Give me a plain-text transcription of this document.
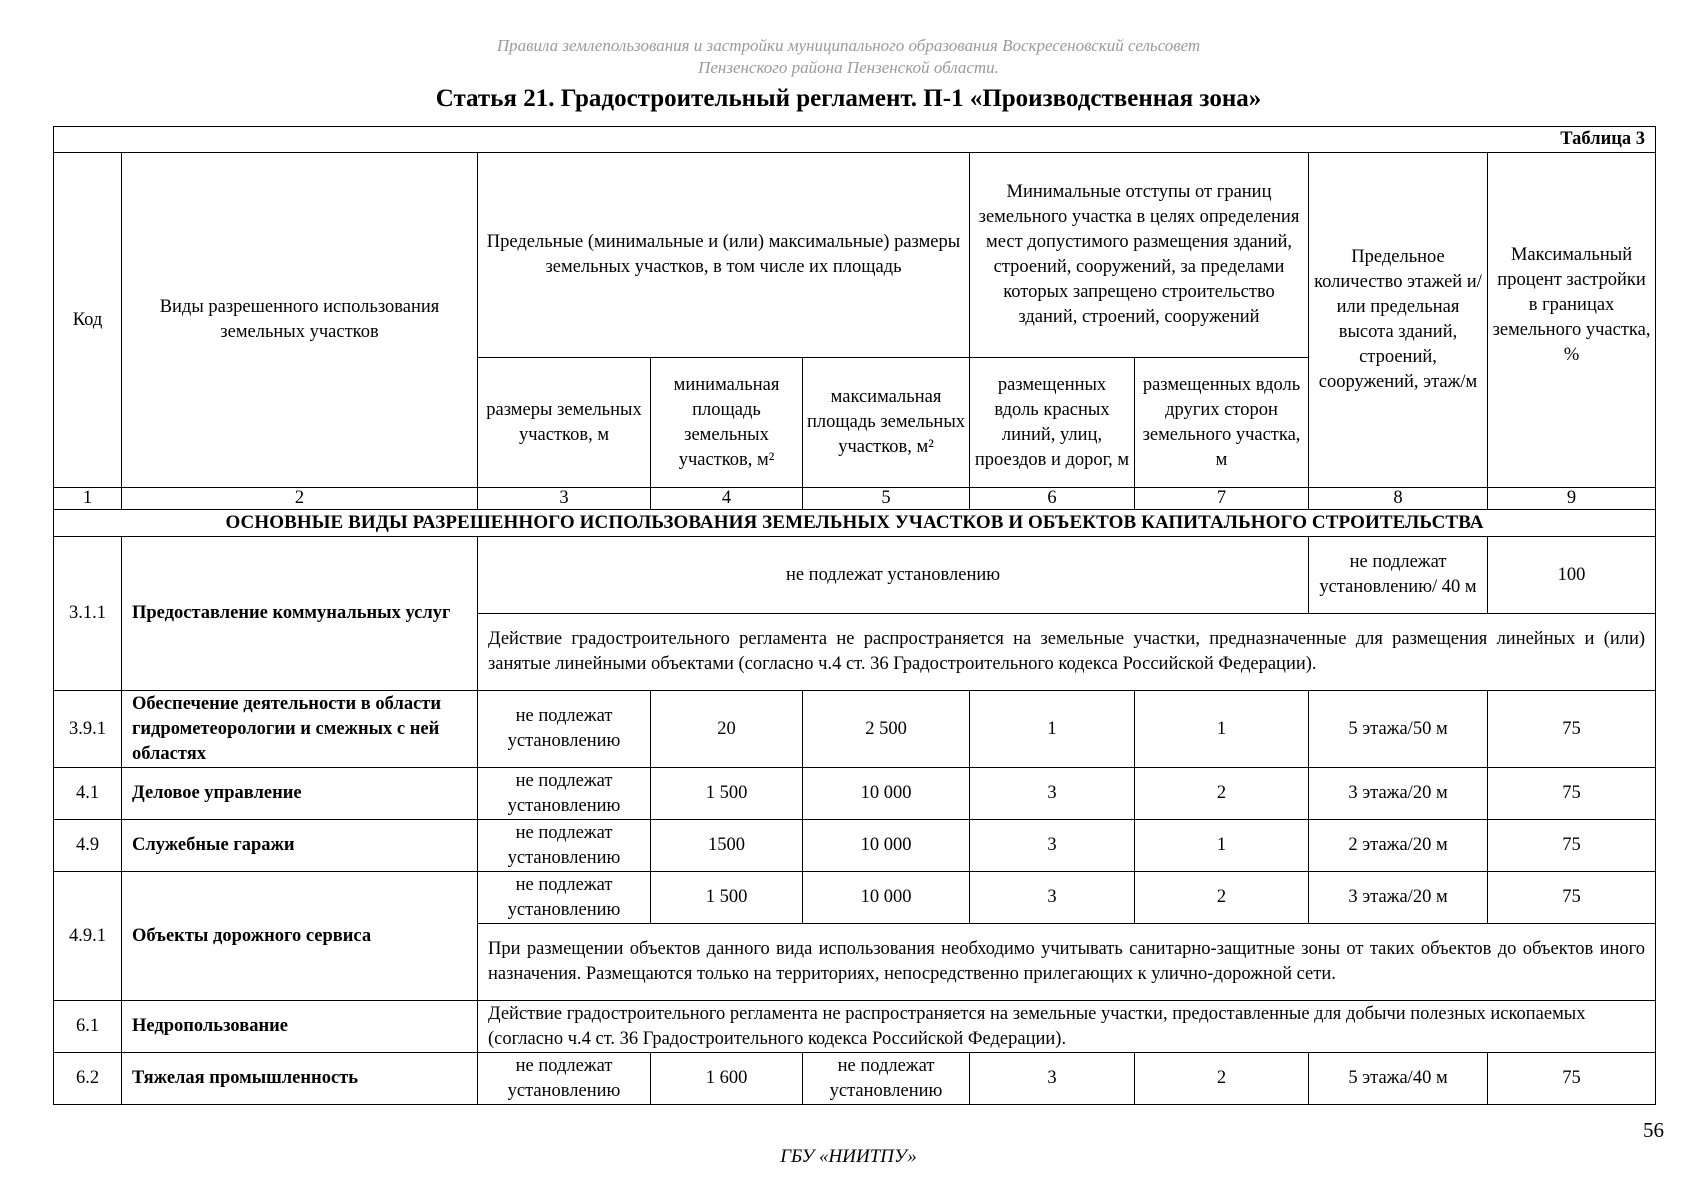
Правила землепользования и застройки муниципального образования Воскресеновский сельсовет
Пензенского района Пензенской области.
Статья 21. Градостроительный регламент. П-1 «Производственная зона»
Таблица 3								
Код	Виды разрешенного использования земельных участков	Предельные (минимальные и (или) максимальные) размеры земельных участков, в том числе их площадь			Минимальные отступы от границ земельного участка в целях определения мест допустимого размещения зданий, строений, сооружений, за пределами которых запрещено строительство зданий, строений, сооружений		Предельное количество этажей и/или предельная высота зданий, строений, сооружений, этаж/м	Максимальный процент застройки в границах земельного участка, %
		размеры земельных участков, м	минимальная площадь земельных участков, м²	максимальная площадь земельных участков, м²	размещенных вдоль красных линий, улиц, проездов и дорог, м	размещенных вдоль других сторон земельного участка, м		
1	2	3	4	5	6	7	8	9
ОСНОВНЫЕ ВИДЫ РАЗРЕШЕННОГО ИСПОЛЬЗОВАНИЯ ЗЕМЕЛЬНЫХ УЧАСТКОВ И ОБЪЕКТОВ КАПИТАЛЬНОГО СТРОИТЕЛЬСТВА								
3.1.1	Предоставление коммунальных услуг	не подлежат установлению					не подлежат установлению/ 40 м	100
		Действие градостроительного регламента не распространяется на земельные участки, предназначенные для размещения линейных и (или) занятые линейными объектами (согласно ч.4 ст. 36 Градостроительного кодекса Российской Федерации).						
3.9.1	Обеспечение деятельности в области гидрометеорологии и смежных с ней областях	не подлежат установлению	20	2 500	1	1	5 этажа/50 м	75
4.1	Деловое управление	не подлежат установлению	1 500	10 000	3	2	3 этажа/20 м	75
4.9	Служебные гаражи	не подлежат установлению	1500	10 000	3	1	2 этажа/20 м	75
4.9.1	Объекты дорожного сервиса	не подлежат установлению	1 500	10 000	3	2	3 этажа/20 м	75
		При размещении объектов данного вида использования необходимо учитывать санитарно-защитные зоны от таких объектов до объектов иного назначения. Размещаются только на территориях, непосредственно прилегающих к улично-дорожной сети.						
6.1	Недропользование	Действие градостроительного регламента не распространяется на земельные участки, предоставленные для добычи полезных ископаемых (согласно ч.4 ст. 36 Градостроительного кодекса Российской Федерации).						
6.2	Тяжелая промышленность	не подлежат установлению	1 600	не подлежат установлению	3	2	5 этажа/40 м	75
56
ГБУ «НИИТПУ»
